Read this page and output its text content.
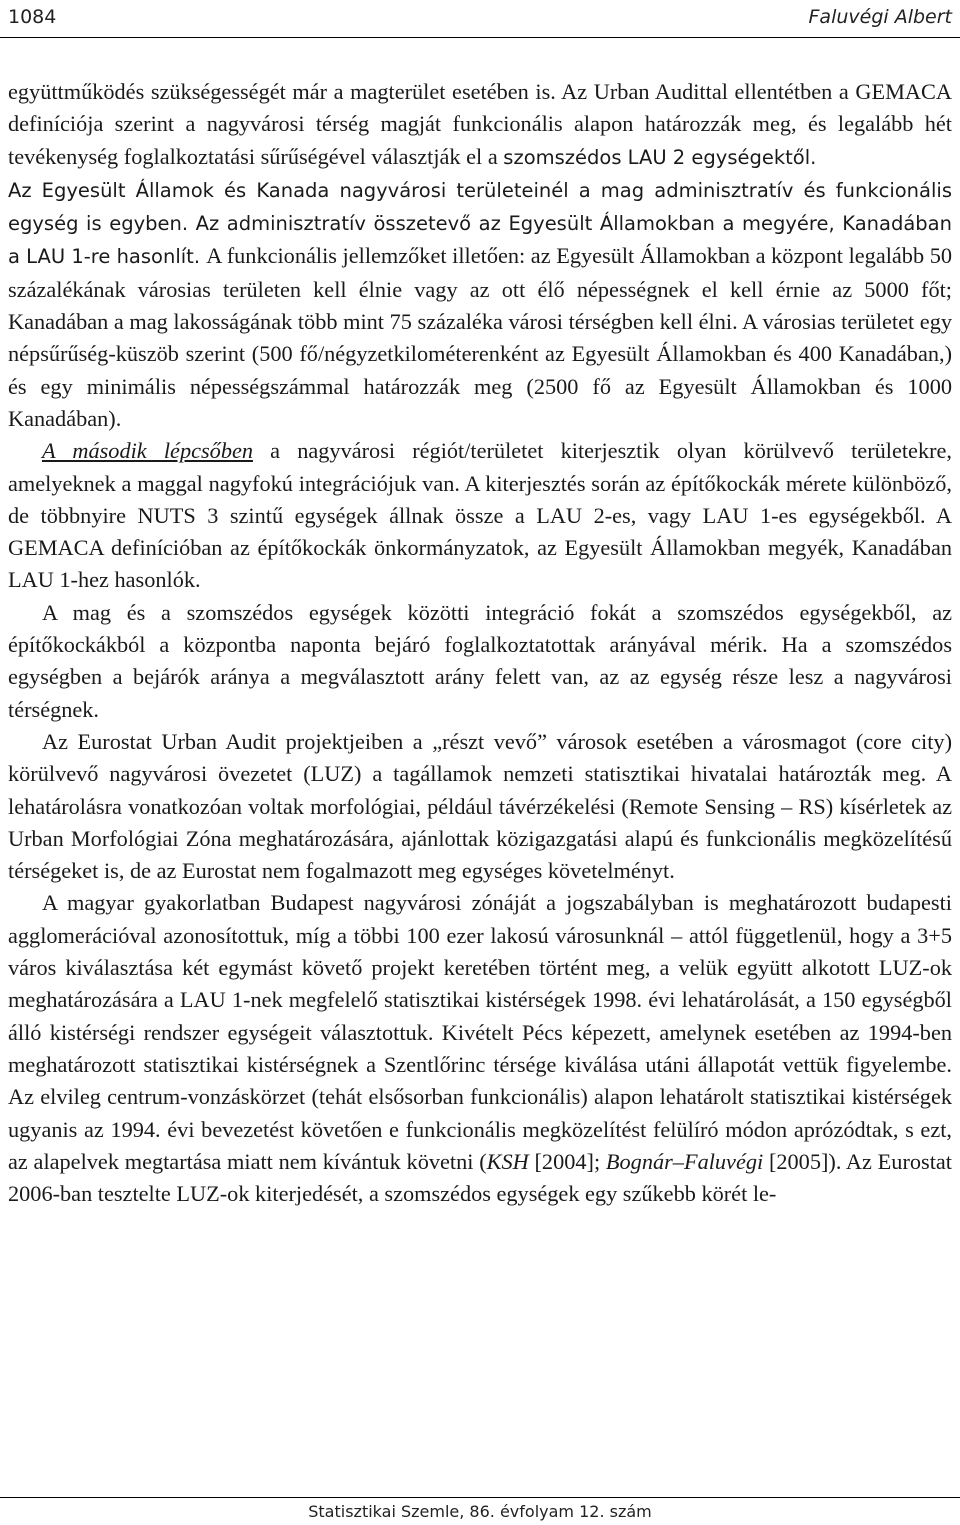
1084	Faluvégi Albert

együttműködés szükségességét már a magterület esetében is. Az Urban Audittal ellentétben a GEMACA definíciója szerint a nagyvárosi térség magját funkcionális alapon határozzák meg, és legalább hét tevékenység foglalkoztatási sűrűségével választják el a szomszédos LAU 2 egységektől.

Az Egyesült Államok és Kanada nagyvárosi területeinél a mag adminisztratív és funkcionális egység is egyben. Az adminisztratív összetevő az Egyesült Államokban a megyére, Kanadában a LAU 1-re hasonlít. A funkcionális jellemzőket illetően: az Egyesült Államokban a központ legalább 50 százalékának városias területen kell élnie vagy az ott élő népességnek el kell érnie az 5000 főt; Kanadában a mag lakosságának több mint 75 százaléka városi térségben kell élni. A városias területet egy népsűrűség-küszöb szerint (500 fő/négyzetkilométerenként az Egyesült Államokban és 400 Kanadában,) és egy minimális népességszámmal határozzák meg (2500 fő az Egyesült Államokban és 1000 Kanadában).

A második lépcsőben a nagyvárosi régiót/területet kiterjesztik olyan körülvevő területekre, amelyeknek a maggal nagyfokú integrációjuk van. A kiterjesztés során az építőkockák mérete különböző, de többnyire NUTS 3 szintű egységek állnak össze a LAU 2-es, vagy LAU 1-es egységekből. A GEMACA definícióban az építőkockák önkormányzatok, az Egyesült Államokban megyék, Kanadában LAU 1-hez hasonlók.

A mag és a szomszédos egységek közötti integráció fokát a szomszédos egységekből, az építőkockákból a központba naponta bejáró foglalkoztatottak arányával mérik. Ha a szomszédos egységben a bejárók aránya a megválasztott arány felett van, az az egység része lesz a nagyvárosi térségnek.

Az Eurostat Urban Audit projektjeiben a „részt vevő” városok esetében a városmagot (core city) körülvevő nagyvárosi övezetet (LUZ) a tagállamok nemzeti statisztikai hivatalai határozták meg. A lehatárolásra vonatkozóan voltak morfológiai, például távérzékelési (Remote Sensing – RS) kísérletek az Urban Morfológiai Zóna meghatározására, ajánlottak közigazgatási alapú és funkcionális megközelítésű térségeket is, de az Eurostat nem fogalmazott meg egységes követelményt.

A magyar gyakorlatban Budapest nagyvárosi zónáját a jogszabályban is meghatározott budapesti agglomerációval azonosítottuk, míg a többi 100 ezer lakosú városunknál – attól függetlenül, hogy a 3+5 város kiválasztása két egymást követő projekt keretében történt meg, a velük együtt alkotott LUZ-ok meghatározására a LAU 1-nek megfelelő statisztikai kistérségek 1998. évi lehatárolását, a 150 egységből álló kistérségi rendszer egységeit választottuk. Kivételt Pécs képezett, amelynek esetében az 1994-ben meghatározott statisztikai kistérségnek a Szentlőrinc térsége kiválása utáni állapotát vettük figyelembe. Az elvileg centrum-vonzáskörzet (tehát elsősorban funkcionális) alapon lehatárolt statisztikai kistérségek ugyanis az 1994. évi bevezetést követően e funkcionális megközelítést felülíró módon aprózódtak, s ezt, az alapelvek megtartása miatt nem kívántuk követni (KSH [2004]; Bognár–Faluvégi [2005]). Az Eurostat 2006-ban tesztelte LUZ-ok kiterjedését, a szomszédos egységek egy szűkebb körét le-

Statisztikai Szemle, 86. évfolyam 12. szám
